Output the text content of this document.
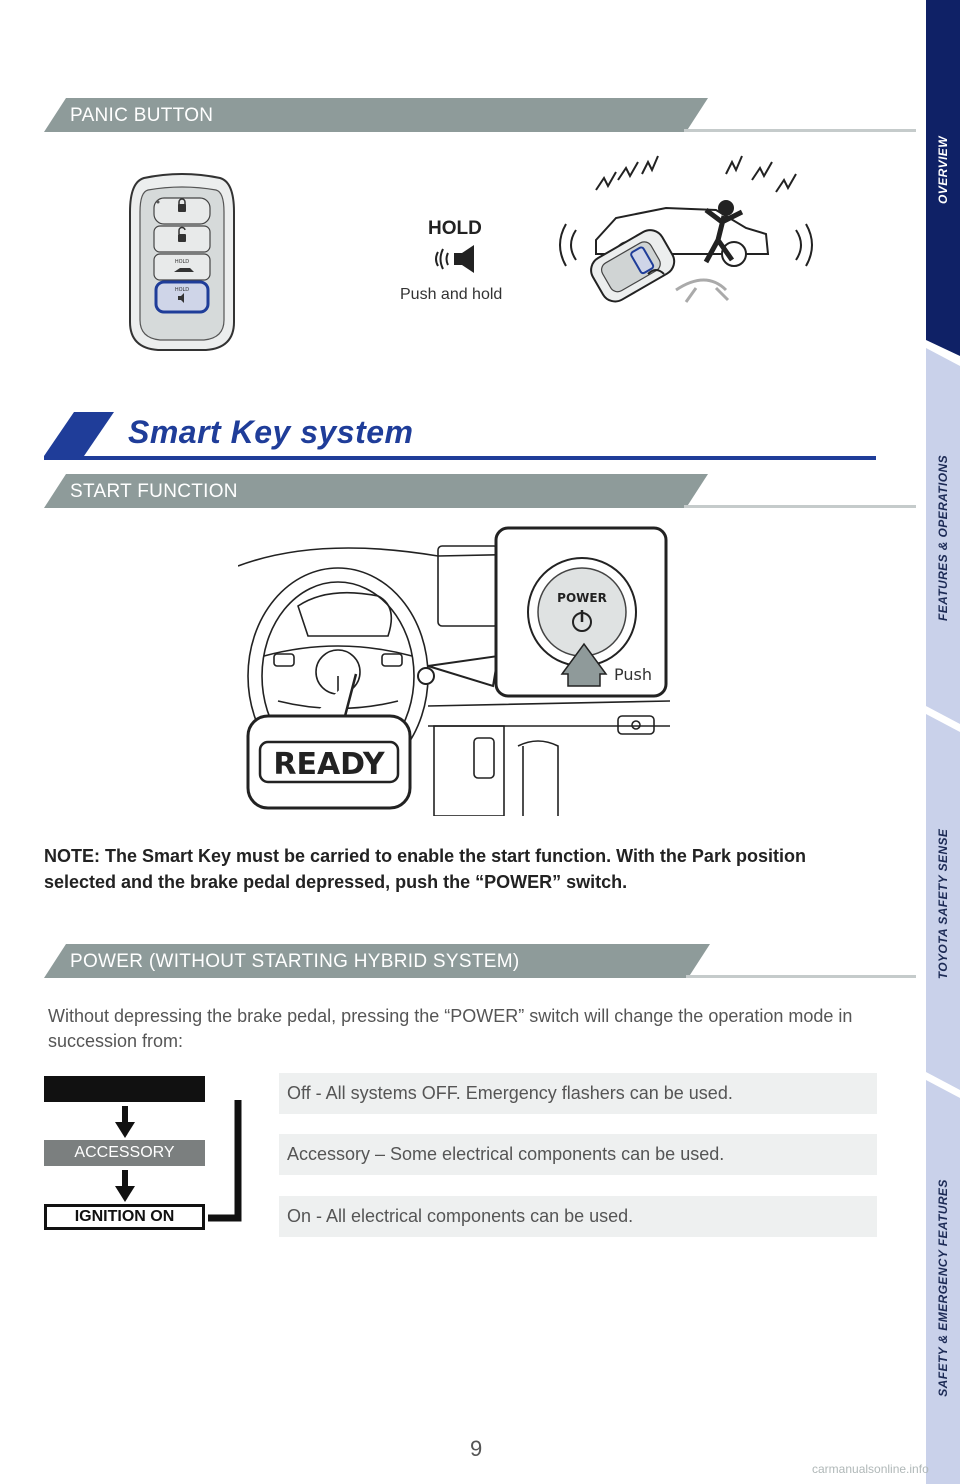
OVERVIEW
FEATURES & OPERATIONS
TOYOTA SAFETY SENSE
SAFETY & EMERGENCY FEATURES
PANIC BUTTON
HOLD
HOLD
HOLD
Push and hold
Smart Key system
START FUNCTION
POWER
Push
READY
NOTE: The Smart Key must be carried to enable the start function. With the Park position selected and the brake pedal depressed, push the “POWER” switch.
POWER (WITHOUT STARTING HYBRID SYSTEM)
Without depressing the brake pedal, pressing the “POWER” switch will change the operation mode in succession from:
ACCESSORY
IGNITION ON
Off - All systems OFF. Emergency flashers can be used.
Accessory – Some electrical components can be used.
On - All electrical components can be used.
9
carmanualsonline.info
